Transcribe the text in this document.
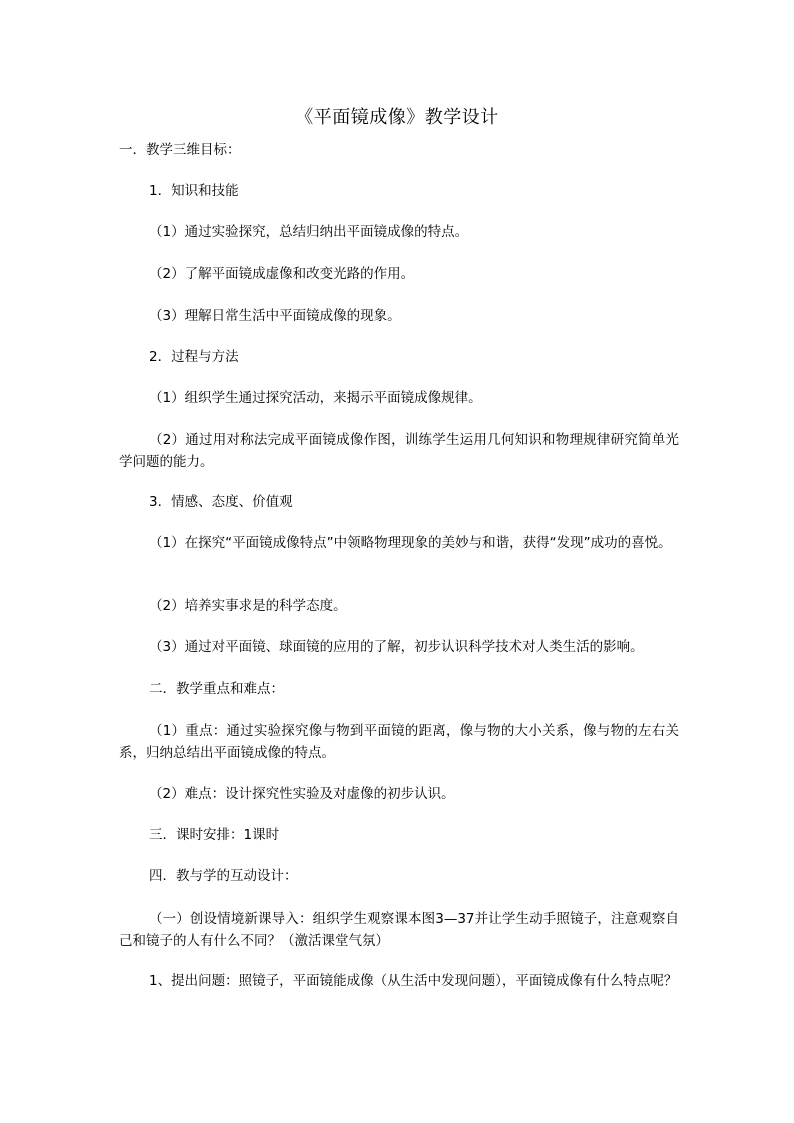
《平面镜成像》教学设计
一．教学三维目标：
1．知识和技能
（1）通过实验探究，总结归纳出平面镜成像的特点。
（2）了解平面镜成虚像和改变光路的作用。
（3）理解日常生活中平面镜成像的现象。
2．过程与方法
（1）组织学生通过探究活动，来揭示平面镜成像规律。
（2）通过用对称法完成平面镜成像作图，训练学生运用几何知识和物理规律研究简单光学问题的能力。
3．情感、态度、价值观
（1）在探究“平面镜成像特点”中领略物理现象的美妙与和谐，获得“发现”成功的喜悦。
（2）培养实事求是的科学态度。
（3）通过对平面镜、球面镜的应用的了解，初步认识科学技术对人类生活的影响。
二．教学重点和难点：
（1）重点：通过实验探究像与物到平面镜的距离，像与物的大小关系，像与物的左右关系，归纳总结出平面镜成像的特点。
（2）难点：设计探究性实验及对虚像的初步认识。
三．课时安排：1课时
四．教与学的互动设计：
（一）创设情境新课导入：组织学生观察课本图3—37并让学生动手照镜子，注意观察自己和镜子的人有什么不同？（激活课堂气氛）
1、提出问题：照镜子，平面镜能成像（从生活中发现问题），平面镜成像有什么特点呢？
